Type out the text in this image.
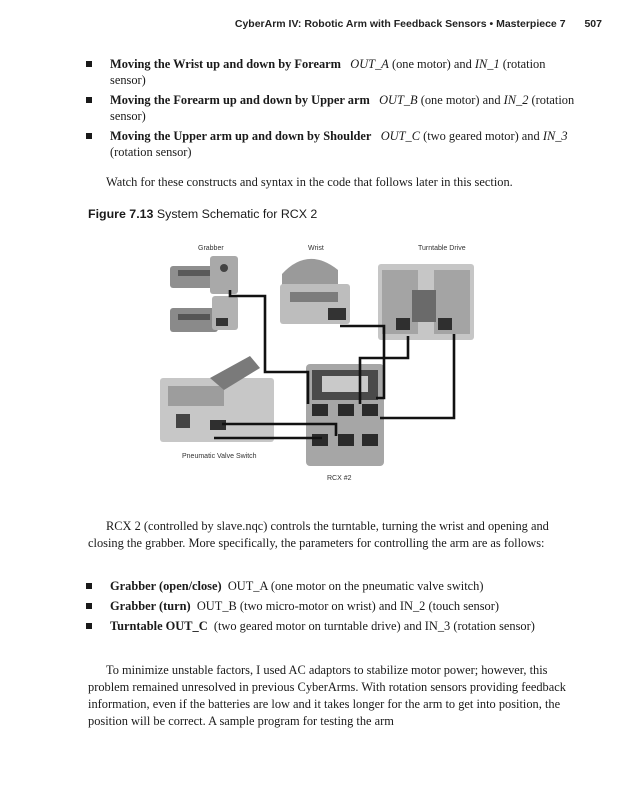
CyberArm IV: Robotic Arm with Feedback Sensors • Masterpiece 7 507
Moving the Wrist up and down by Forearm OUT_A (one motor) and IN_1 (rotation sensor)
Moving the Forearm up and down by Upper arm OUT_B (one motor) and IN_2 (rotation sensor)
Moving the Upper arm up and down by Shoulder OUT_C (two geared motor) and IN_3 (rotation sensor)

Watch for these constructs and syntax in the code that follows later in this section.

Figure 7.13 System Schematic for RCX 2
Grabber	Wrist	Turntable Drive
Pneumatic Valve Switch
RCX #2

RCX 2 (controlled by slave.nqc) controls the turntable, turning the wrist and opening and closing the grabber. More specifically, the parameters for controlling the arm are as follows:

Grabber (open/close) OUT_A (one motor on the pneumatic valve switch)
Grabber (turn) OUT_B (two micro-motor on wrist) and IN_2 (touch sensor)
Turntable OUT_C (two geared motor on turntable drive) and IN_3 (rotation sensor)

To minimize unstable factors, I used AC adaptors to stabilize motor power; however, this problem remained unresolved in previous CyberArms. With rotation sensors providing feedback information, even if the batteries are low and it takes longer for the arm to get into position, the position will be correct. A sample program for testing the arm
